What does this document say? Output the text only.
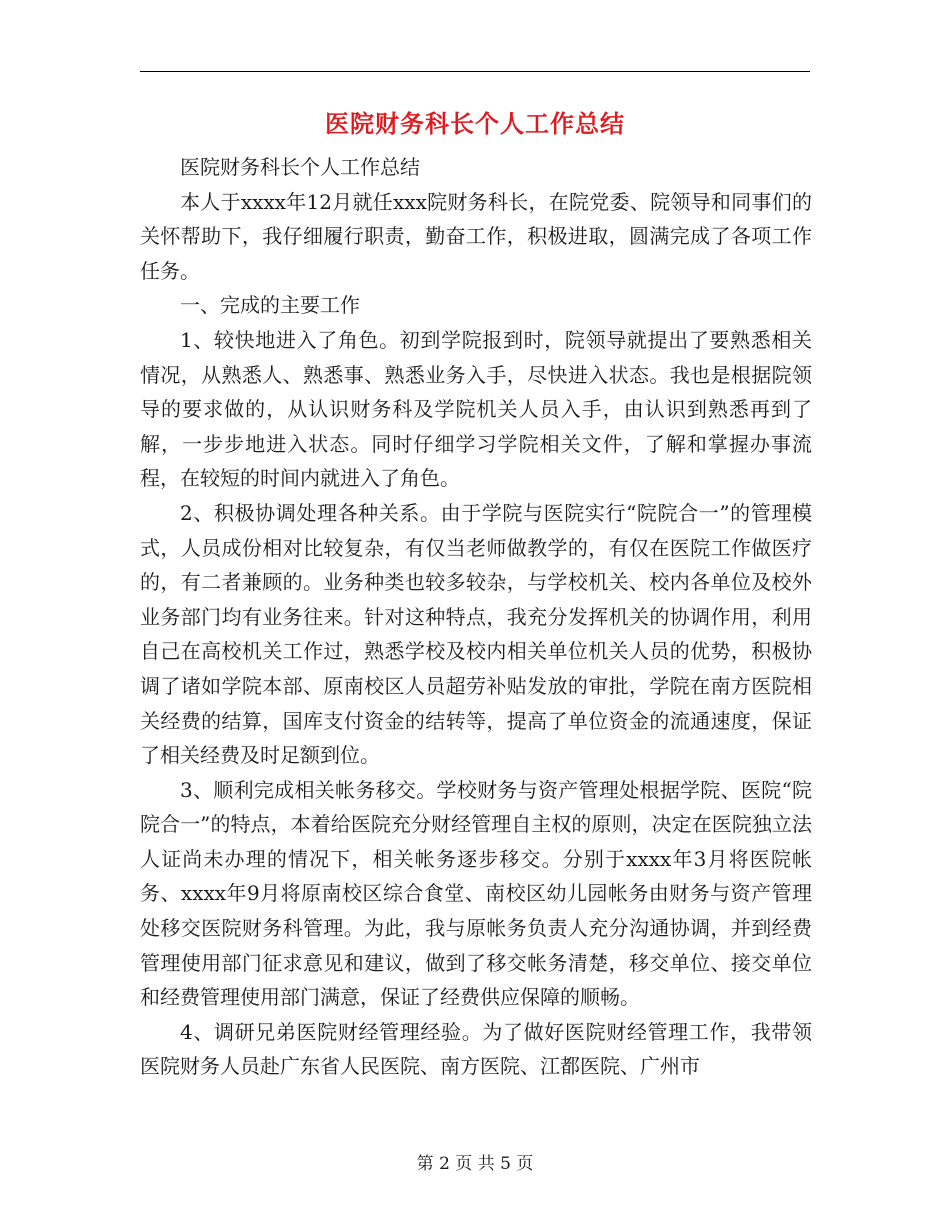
医院财务科长个人工作总结

医院财务科长个人工作总结

本人于xxxx年12月就任xxx院财务科长，在院党委、院领导和同事们的关怀帮助下，我仔细履行职责，勤奋工作，积极进取，圆满完成了各项工作任务。

一、完成的主要工作

1、较快地进入了角色。初到学院报到时，院领导就提出了要熟悉相关情况，从熟悉人、熟悉事、熟悉业务入手，尽快进入状态。我也是根据院领导的要求做的，从认识财务科及学院机关人员入手，由认识到熟悉再到了解，一步步地进入状态。同时仔细学习学院相关文件，了解和掌握办事流程，在较短的时间内就进入了角色。

2、积极协调处理各种关系。由于学院与医院实行“院院合一”的管理模式，人员成份相对比较复杂，有仅当老师做教学的，有仅在医院工作做医疗的，有二者兼顾的。业务种类也较多较杂，与学校机关、校内各单位及校外业务部门均有业务往来。针对这种特点，我充分发挥机关的协调作用，利用自己在高校机关工作过，熟悉学校及校内相关单位机关人员的优势，积极协调了诸如学院本部、原南校区人员超劳补贴发放的审批，学院在南方医院相关经费的结算，国库支付资金的结转等，提高了单位资金的流通速度，保证了相关经费及时足额到位。

3、顺利完成相关帐务移交。学校财务与资产管理处根据学院、医院“院院合一”的特点，本着给医院充分财经管理自主权的原则，决定在医院独立法人证尚未办理的情况下，相关帐务逐步移交。分别于xxxx年3月将医院帐务、xxxx年9月将原南校区综合食堂、南校区幼儿园帐务由财务与资产管理处移交医院财务科管理。为此，我与原帐务负责人充分沟通协调，并到经费管理使用部门征求意见和建议，做到了移交帐务清楚，移交单位、接交单位和经费管理使用部门满意，保证了经费供应保障的顺畅。

4、调研兄弟医院财经管理经验。为了做好医院财经管理工作，我带领医院财务人员赴广东省人民医院、南方医院、江都医院、广州市

第 2 页 共 5 页
